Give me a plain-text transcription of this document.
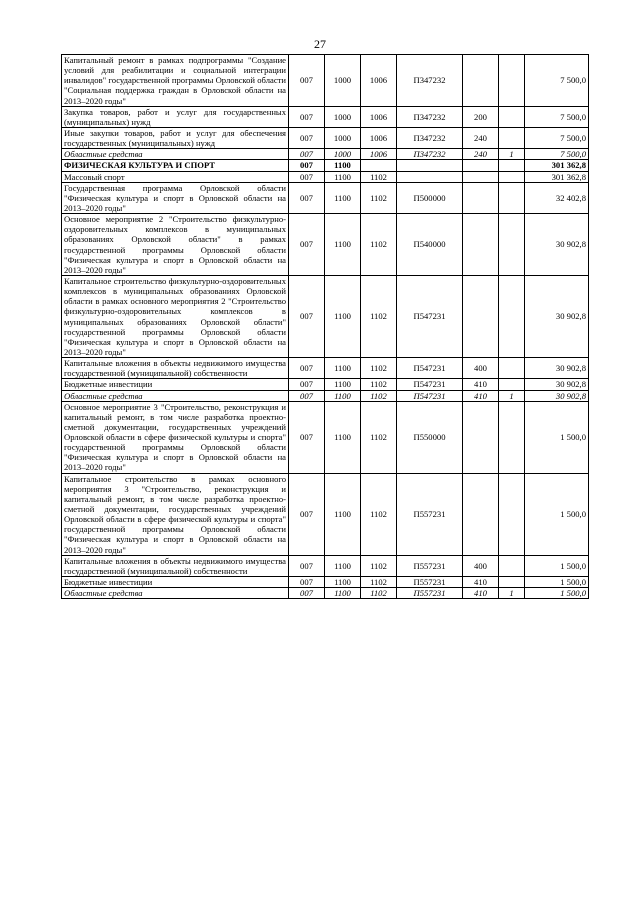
27
Капитальный ремонт в рамках подпрограммы "Создание условий для реабилитации и социальной интеграции инвалидов" государственной программы Орловской области "Социальная поддержка граждан в Орловской области на 2013–2020 годы"	007	1000	1006	П347232			7 500,0
Закупка товаров, работ и услуг для государственных (муниципальных) нужд	007	1000	1006	П347232	200		7 500,0
Иные закупки товаров, работ и услуг для обеспечения государственных (муниципальных) нужд	007	1000	1006	П347232	240		7 500,0
Областные средства	007	1000	1006	П347232	240	1	7 500,0
ФИЗИЧЕСКАЯ КУЛЬТУРА И СПОРТ	007	1100					301 362,8
Массовый спорт	007	1100	1102				301 362,8
Государственная программа Орловской области "Физическая культура и спорт в Орловской области на 2013–2020 годы"	007	1100	1102	П500000			32 402,8
Основное мероприятие 2 "Строительство физкультурно-оздоровительных комплексов в муниципальных образованиях Орловской области" в рамках государственной программы Орловской области "Физическая культура и спорт в Орловской области на 2013–2020 годы"	007	1100	1102	П540000			30 902,8
Капитальное строительство физкультурно-оздоровительных комплексов в муниципальных образованиях Орловской области в рамках основного мероприятия 2 "Строительство физкультурно-оздоровительных комплексов в муниципальных образованиях Орловской области" государственной программы Орловской области "Физическая культура и спорт в Орловской области на 2013–2020 годы"	007	1100	1102	П547231			30 902,8
Капитальные вложения в объекты недвижимого имущества государственной (муниципальной) собственности	007	1100	1102	П547231	400		30 902,8
Бюджетные инвестиции	007	1100	1102	П547231	410		30 902,8
Областные средства	007	1100	1102	П547231	410	1	30 902,8
Основное мероприятие 3 "Строительство, реконструкция и капитальный ремонт, в том числе разработка проектно-сметной документации, государственных учреждений Орловской области в сфере физической культуры и спорта" государственной программы Орловской области "Физическая культура и спорт в Орловской области на 2013–2020 годы"	007	1100	1102	П550000			1 500,0
Капитальное строительство в рамках основного мероприятия 3 "Строительство, реконструкция и капитальный ремонт, в том числе разработка проектно-сметной документации, государственных учреждений Орловской области в сфере физической культуры и спорта" государственной программы Орловской области "Физическая культура и спорт в Орловской области на 2013–2020 годы"	007	1100	1102	П557231			1 500,0
Капитальные вложения в объекты недвижимого имущества государственной (муниципальной) собственности	007	1100	1102	П557231	400		1 500,0
Бюджетные инвестиции	007	1100	1102	П557231	410		1 500,0
Областные средства	007	1100	1102	П557231	410	1	1 500,0
